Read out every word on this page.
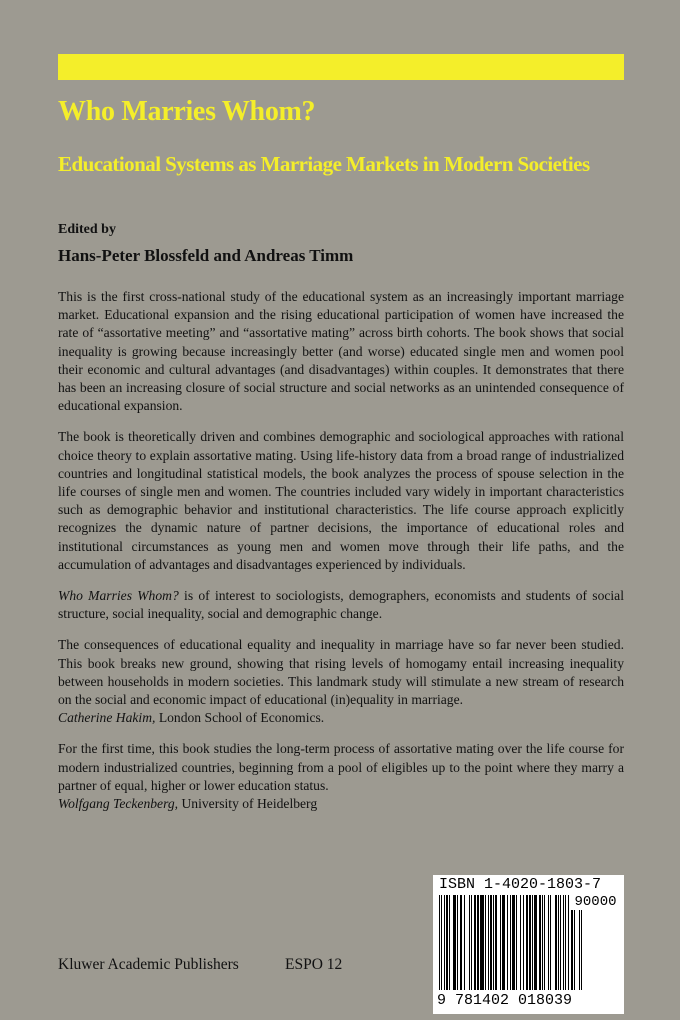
Who Marries Whom?
Educational Systems as Marriage Markets in Modern Societies
Edited by
Hans-Peter Blossfeld and Andreas Timm

This is the first cross-national study of the educational system as an increasingly important marriage market. Educational expansion and the rising educational participation of women have increased the rate of “assortative meeting” and “assortative mating” across birth cohorts. The book shows that social inequality is growing because increasingly better (and worse) educated single men and women pool their economic and cultural advantages (and disadvantages) within couples. It demonstrates that there has been an increasing closure of social structure and social networks as an unintended consequence of educational expansion.

The book is theoretically driven and combines demographic and sociological approaches with rational choice theory to explain assortative mating. Using life-history data from a broad range of industrialized countries and longitudinal statistical models, the book analyzes the process of spouse selection in the life courses of single men and women. The countries included vary widely in important characteristics such as demographic behavior and institutional characteristics. The life course approach explicitly recognizes the dynamic nature of partner decisions, the importance of educational roles and institutional circumstances as young men and women move through their life paths, and the accumulation of advantages and disadvantages experienced by individuals.

Who Marries Whom? is of interest to sociologists, demographers, economists and students of social structure, social inequality, social and demographic change.

The consequences of educational equality and inequality in marriage have so far never been studied. This book breaks new ground, showing that rising levels of homogamy entail increasing inequality between households in modern societies. This landmark study will stimulate a new stream of research on the social and economic impact of educational (in)equality in marriage.
Catherine Hakim, London School of Economics.

For the first time, this book studies the long-term process of assortative mating over the life course for modern industrialized countries, beginning from a pool of eligibles up to the point where they marry a partner of equal, higher or lower education status.
Wolfgang Teckenberg, University of Heidelberg

Kluwer Academic Publishers	ESPO 12
ISBN 1-4020-1803-7
90000
9 781402 018039
